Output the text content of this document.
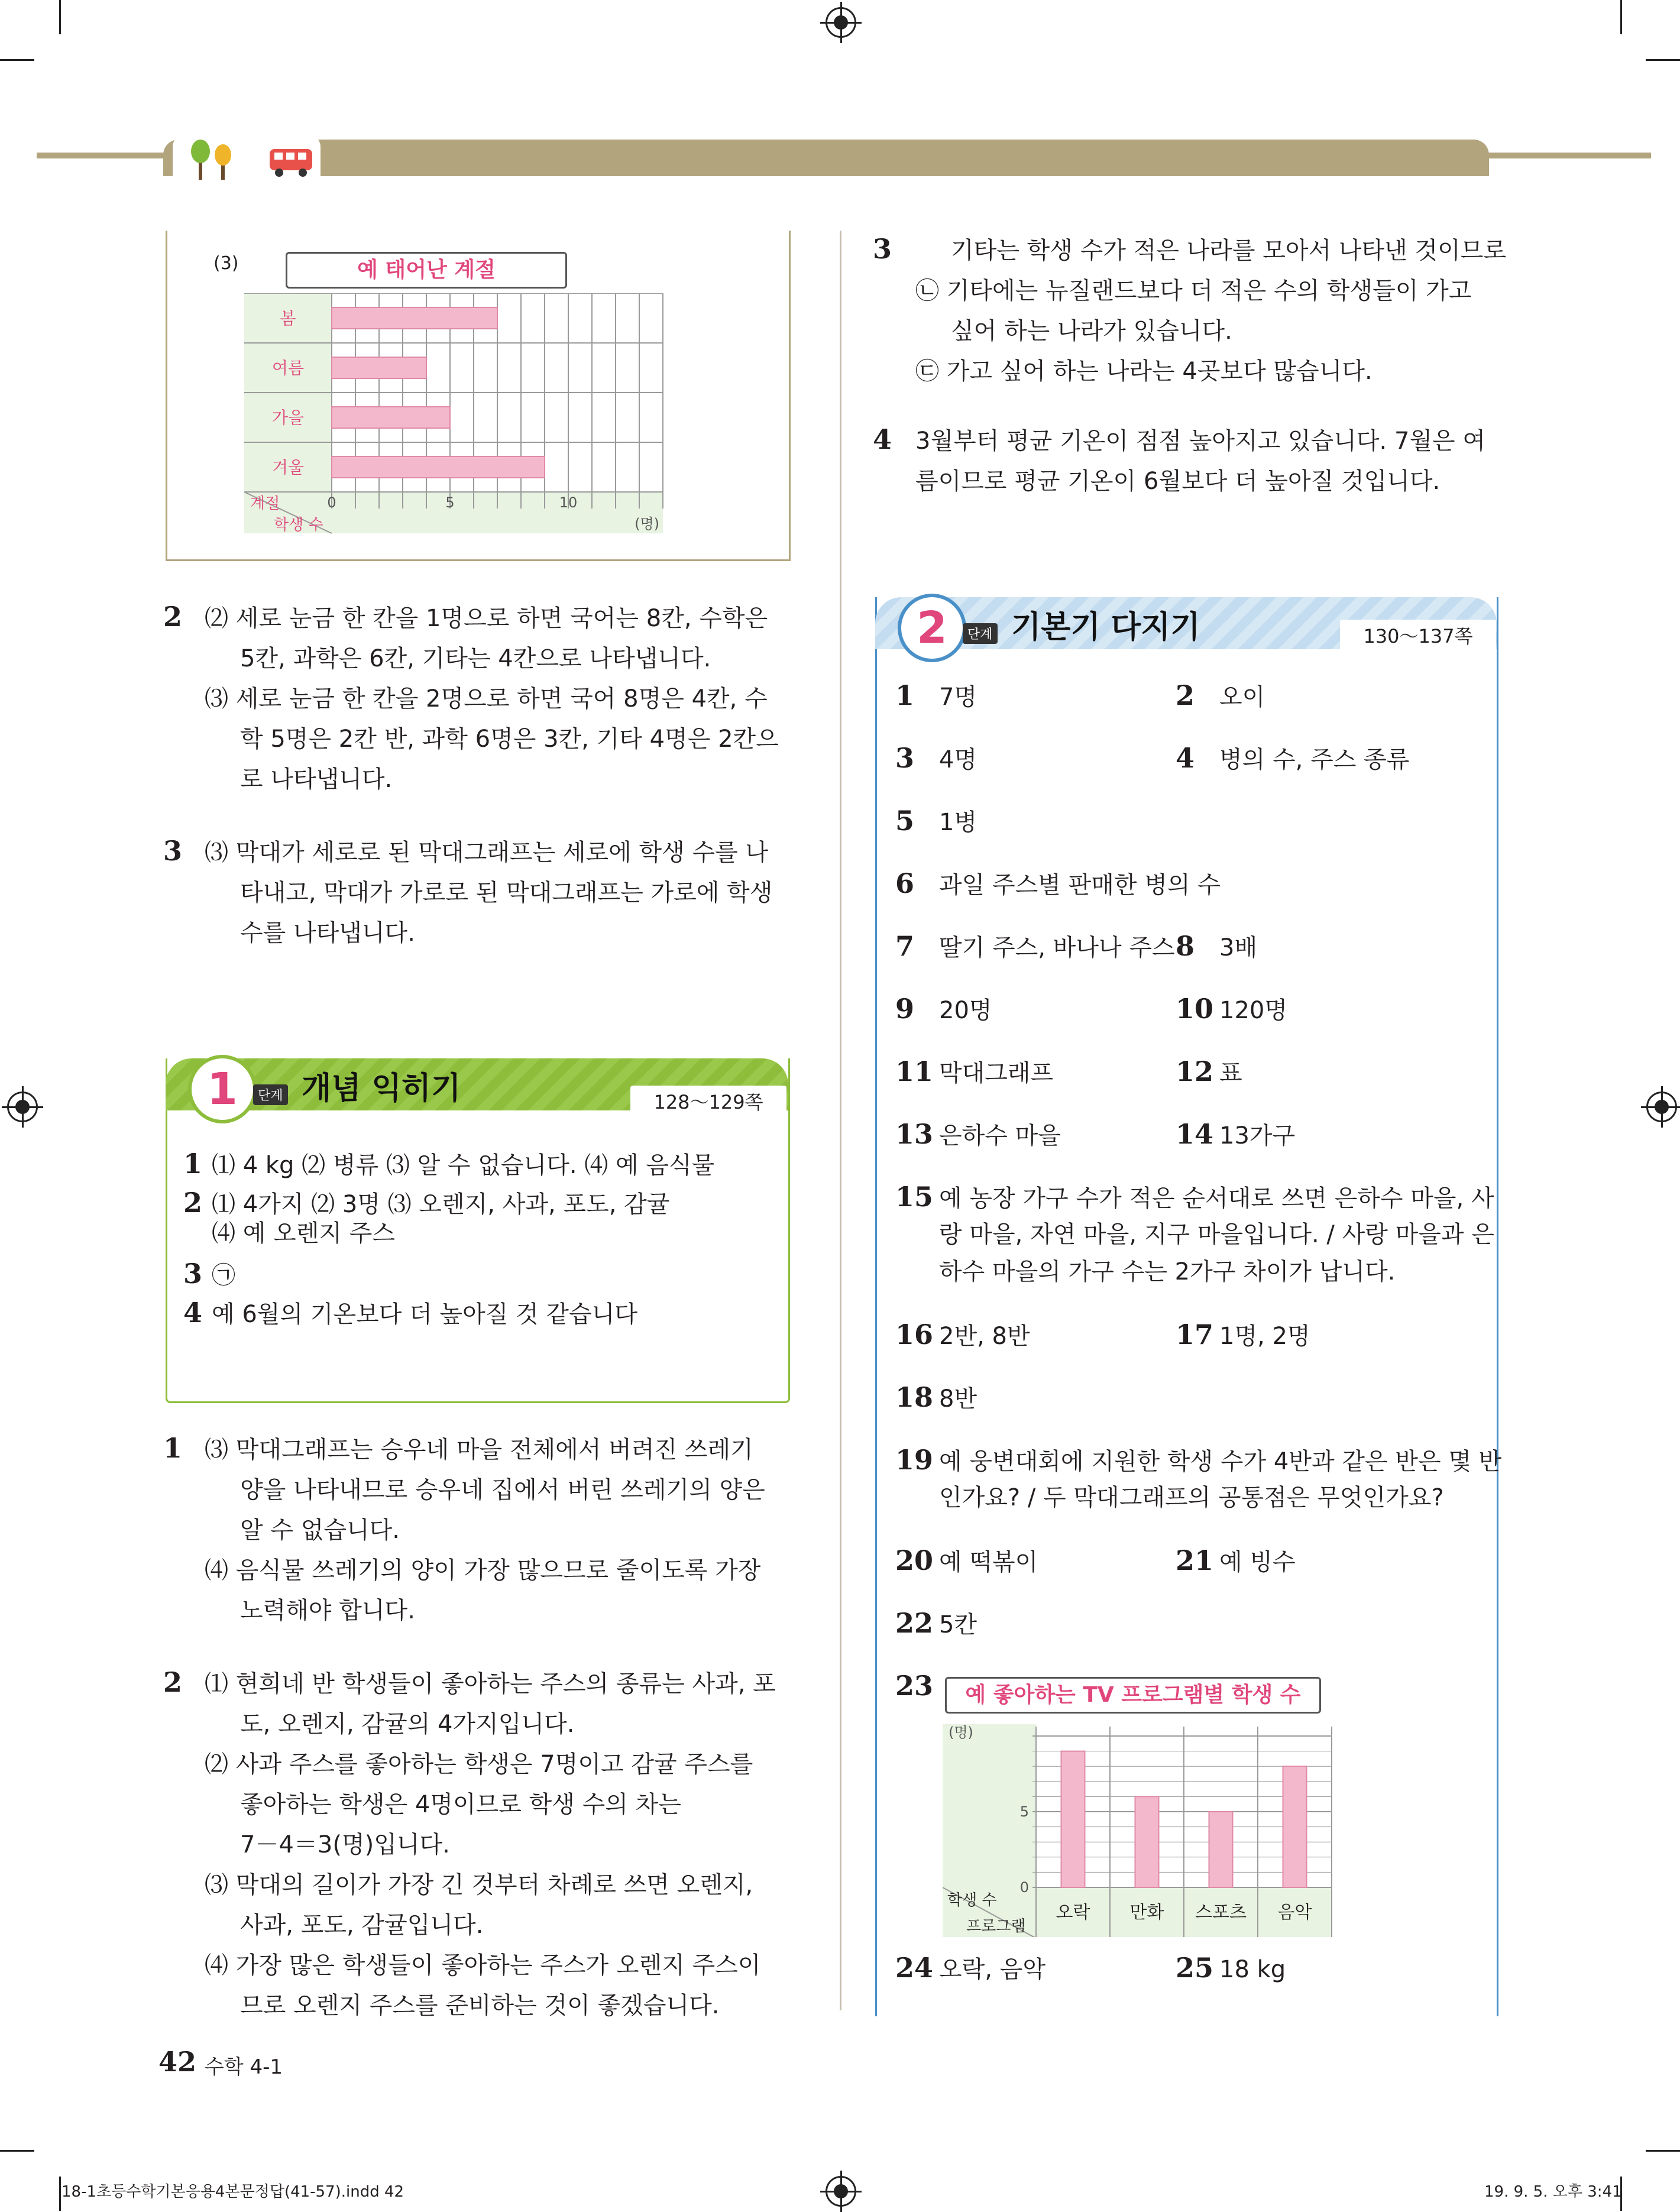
(3)	예 태어난 계절
봄
여름
가을
겨울
계절
학생 수
0	5	10
(명)
2 ⑵ 세로 눈금 한 칸을 1명으로 하면 국어는 8칸, 수학은
5칸, 과학은 6칸, 기타는 4칸으로 나타냅니다.
⑶ 세로 눈금 한 칸을 2명으로 하면 국어 8명은 4칸, 수
학 5명은 2칸 반, 과학 6명은 3칸, 기타 4명은 2칸으
로 나타냅니다.
3 ⑶ 막대가 세로로 된 막대그래프는 세로에 학생 수를 나
타내고, 막대가 가로로 된 막대그래프는 가로에 학생
수를 나타냅니다.
1	단계 개념 익히기	128～129쪽
1 ⑴ 4 kg ⑵ 병류 ⑶ 알 수 없습니다. ⑷ 예 음식물
2 ⑴ 4가지 ⑵ 3명 ⑶ 오렌지, 사과, 포도, 감귤
⑷ 예 오렌지 주스
3 ㉠
4 예 6월의 기온보다 더 높아질 것 같습니다
1 ⑶ 막대그래프는 승우네 마을 전체에서 버려진 쓰레기
양을 나타내므로 승우네 집에서 버린 쓰레기의 양은
알 수 없습니다.
⑷ 음식물 쓰레기의 양이 가장 많으므로 줄이도록 가장
노력해야 합니다.
2 ⑴ 현희네 반 학생들이 좋아하는 주스의 종류는 사과, 포
도, 오렌지, 감귤의 4가지입니다.
⑵ 사과 주스를 좋아하는 학생은 7명이고 감귤 주스를
좋아하는 학생은 4명이므로 학생 수의 차는
7－4＝3(명)입니다.
⑶ 막대의 길이가 가장 긴 것부터 차례로 쓰면 오렌지,
사과, 포도, 감귤입니다.
⑷ 가장 많은 학생들이 좋아하는 주스가 오렌지 주스이
므로 오렌지 주스를 준비하는 것이 좋겠습니다.
3	기타는 학생 수가 적은 나라를 모아서 나타낸 것이므로
㉡ 기타에는 뉴질랜드보다 더 적은 수의 학생들이 가고
싶어 하는 나라가 있습니다.
㉢ 가고 싶어 하는 나라는 4곳보다 많습니다.
4 3월부터 평균 기온이 점점 높아지고 있습니다. 7월은 여
름이므로 평균 기온이 6월보다 더 높아질 것입니다.
2	단계 기본기 다지기	130～137쪽
1 7명	2 오이
3 4명	4 병의 수, 주스 종류
5 1병
6 과일 주스별 판매한 병의 수
7 딸기 주스, 바나나 주스 8 3배
9 20명	10 120명
11 막대그래프	12 표
13 은하수 마을	14 13가구
15 예 농장 가구 수가 적은 순서대로 쓰면 은하수 마을, 사
랑 마을, 자연 마을, 지구 마을입니다. / 사랑 마을과 은
하수 마을의 가구 수는 2가구 차이가 납니다.
16 2반, 8반	17 1명, 2명
18 8반
19 예 웅변대회에 지원한 학생 수가 4반과 같은 반은 몇 반
인가요? / 두 막대그래프의 공통점은 무엇인가요?
20 예 떡볶이	21 예 빙수
22 5칸
23
24 오락, 음악	25 18 kg
예 좋아하는 TV 프로그램별 학생 수
(명)
5
0
오락 만화 스포츠 음악
학생 수
프로그램
42 수학 4-1
18-1초등수학기본응용4본문정답(41-57).indd 42	19. 9. 5. 오후 3:41
